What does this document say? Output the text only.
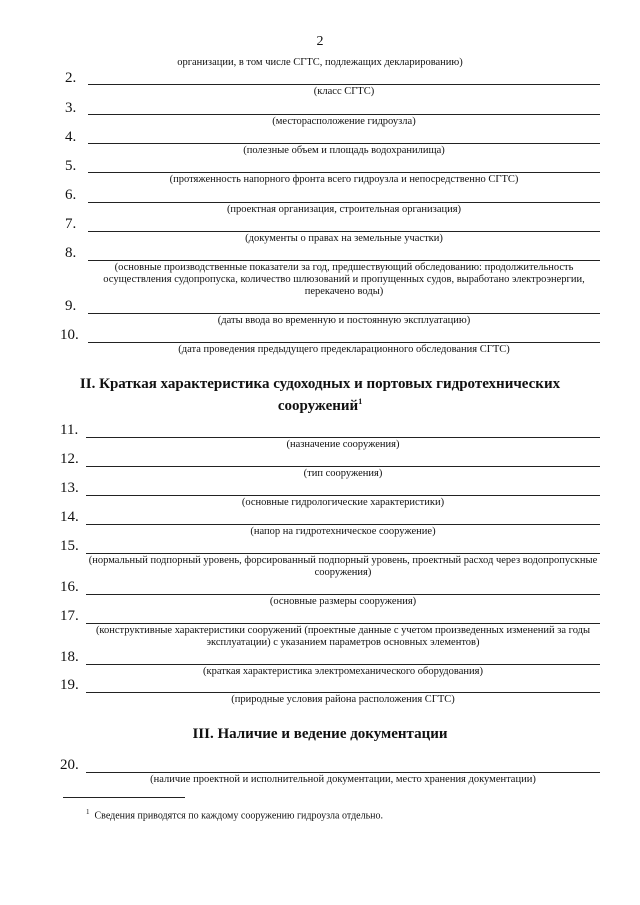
2
организации, в том числе СГТС, подлежащих декларированию)
2.
(класс СГТС)
3.
(месторасположение гидроузла)
4.
(полезные объем и площадь водохранилища)
5.
(протяженность напорного фронта всего гидроузла и непосредственно СГТС)
6.
(проектная организация, строительная организация)
7.
(документы о правах на земельные участки)
8.
(основные производственные показатели за год, предшествующий обследованию: продолжительность
осуществления судопропуска, количество шлюзований и пропущенных судов, выработано электроэнергии,
перекачено воды)
9.
(даты ввода во временную и постоянную эксплуатацию)
10.
(дата проведения предыдущего предекларационного обследования СГТС)
II. Краткая характеристика судоходных и портовых гидротехнических
сооружений$^1$
11.
(назначение сооружения)
12.
(тип сооружения)
13.
(основные гидрологические характеристики)
14.
(напор на гидротехническое сооружение)
15.
(нормальный подпорный уровень, форсированный подпорный уровень, проектный расход через водопропускные
сооружения)
16.
(основные размеры сооружения)
17.
(конструктивные характеристики сооружений (проектные данные с учетом произведенных изменений за годы
эксплуатации) с указанием параметров основных элементов)
18.
(краткая характеристика электромеханического оборудования)
19.
(природные условия района расположения СГТС)
III. Наличие и ведение документации
20.
(наличие проектной и исполнительной документации, место хранения документации)
$^1$ Сведения приводятся по каждому сооружению гидроузла отдельно.
